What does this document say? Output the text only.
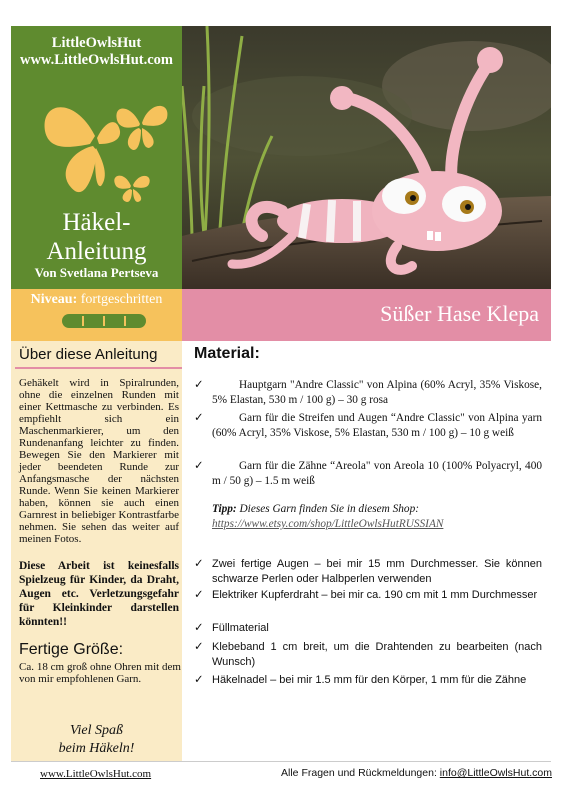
LittleOwlsHut
www.LittleOwlsHut.com
Häkel-
Anleitung
Von Svetlana Pertseva
Niveau: fortgeschritten
Süßer Hase Klepa
Über diese Anleitung
Gehäkelt wird in Spiralrunden, ohne die einzelnen Runden mit einer Kettmasche zu verbinden. Es empfiehlt sich ein Maschenmarkierer, um den Rundenanfang leichter zu finden. Bewegen Sie den Markierer mit jeder beendeten Runde zur Anfangsmasche der nächsten Runde. Wenn Sie keinen Markierer haben, können sie auch einen Garnrest in beliebiger Kontrastfarbe nehmen. Sie sehen das weiter auf meinen Fotos.
Diese Arbeit ist keinesfalls Spielzeug für Kinder, da Draht, Augen etc. Verletzungsgefahr für Kleinkinder darstellen könnten!!
Fertige Größe:
Ca. 18 cm groß ohne Ohren mit dem von mir empfohlenen Garn.
Viel Spaß
beim Häkeln!
Material:
✓	Hauptgarn "Andre Classic" von Alpina (60% Acryl, 35% Viskose, 5% Elastan, 530 m / 100 g) – 30 g rosa
✓	Garn für die Streifen und Augen “Andre Classic" von Alpina yarn (60% Acryl, 35% Viskose, 5% Elastan, 530 m / 100 g) – 10 g weiß
✓	Garn für die Zähne “Areola" von Areola 10 (100% Polyacryl, 400 m / 50 g) – 1.5 m weiß
Tipp: Dieses Garn finden Sie in diesem Shop:
https://www.etsy.com/shop/LittleOwlsHutRUSSIAN
✓ Zwei fertige Augen – bei mir 15 mm Durchmesser. Sie können schwarze Perlen oder Halbperlen verwenden
✓ Elektriker Kupferdraht – bei mir ca. 190 cm mit 1 mm Durchmesser
✓ Füllmaterial
✓ Klebeband 1 cm breit, um die Drahtenden zu bearbeiten (nach Wunsch)
✓ Häkelnadel – bei mir 1.5 mm für den Körper, 1 mm für die Zähne
www.LittleOwlsHut.com	Alle Fragen und Rückmeldungen: info@LittleOwlsHut.com
